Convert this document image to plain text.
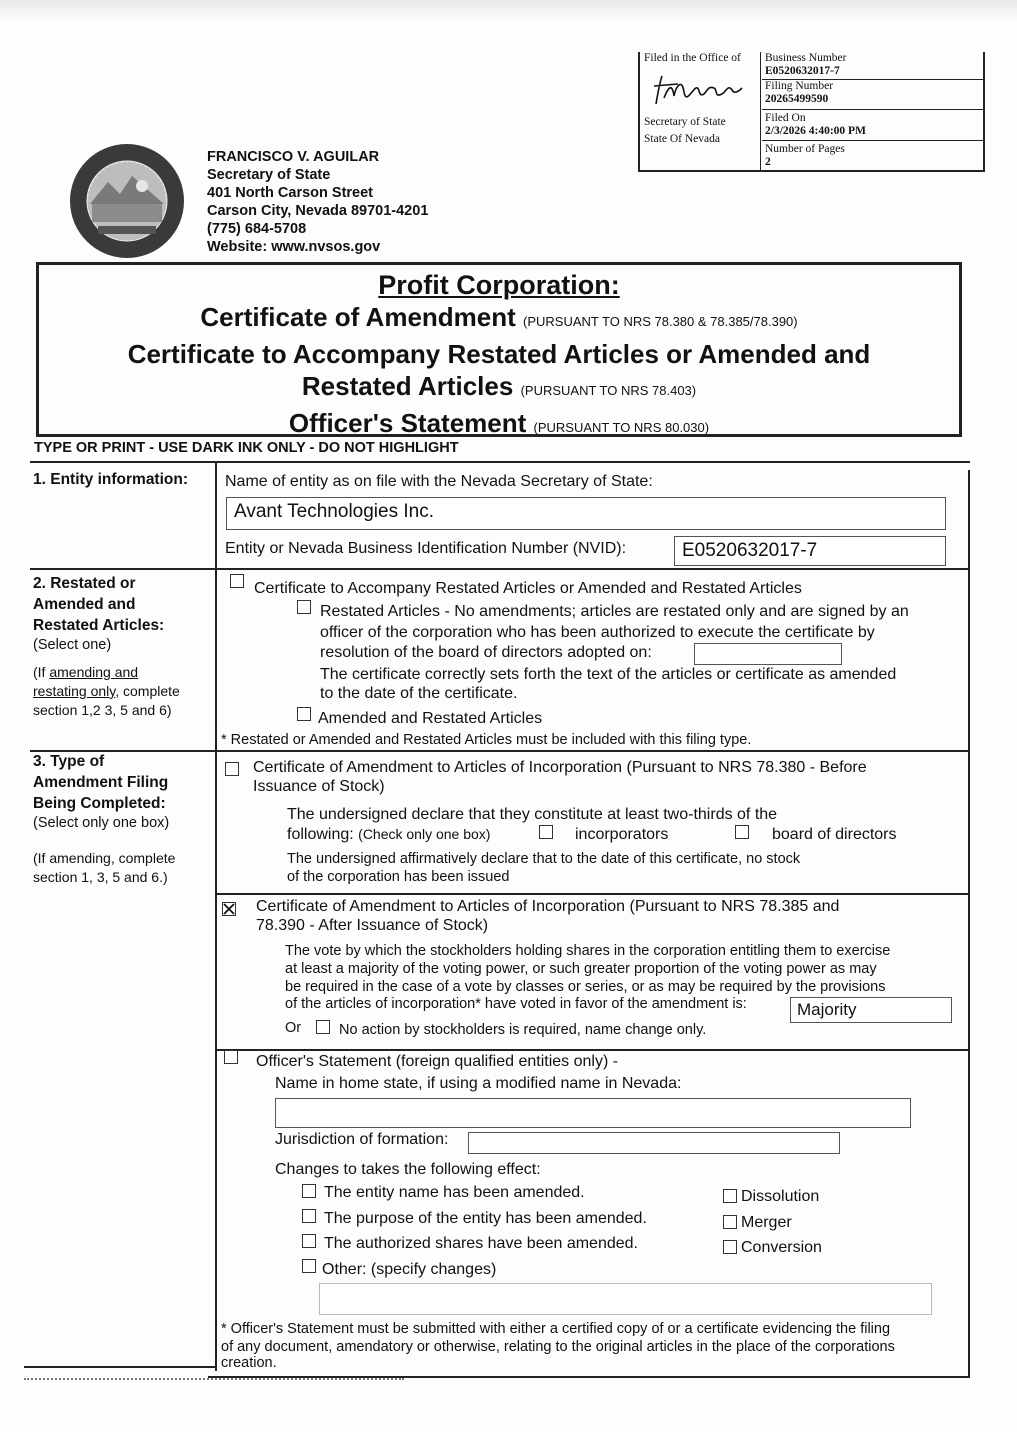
Filed in the Office of
Secretary of State
State Of Nevada
Business Number
E0520632017-7
Filing Number
20265499590
Filed On
2/3/2026 4:40:00 PM
Number of Pages
2
FRANCISCO V. AGUILAR
Secretary of State
401 North Carson Street
Carson City, Nevada 89701-4201
(775) 684-5708
Website: www.nvsos.gov
Profit Corporation:
Certificate of Amendment (PURSUANT TO NRS 78.380 & 78.385/78.390)
Certificate to Accompany Restated Articles or Amended and
Restated Articles (PURSUANT TO NRS 78.403)
Officer's Statement (PURSUANT TO NRS 80.030)
TYPE OR PRINT - USE DARK INK ONLY - DO NOT HIGHLIGHT
1. Entity information: Name of entity as on file with the Nevada Secretary of State:
Avant Technologies Inc.
Entity or Nevada Business Identification Number (NVID):	E0520632017-7
2. Restated or
Amended and
Restated Articles:
(Select one)
(If amending and
restating only, complete
section 1,2 3, 5 and 6)
Certificate to Accompany Restated Articles or Amended and Restated Articles
Restated Articles - No amendments; articles are restated only and are signed by an
officer of the corporation who has been authorized to execute the certificate by
resolution of the board of directors adopted on:
The certificate correctly sets forth the text of the articles or certificate as amended
to the date of the certificate.
Amended and Restated Articles
* Restated or Amended and Restated Articles must be included with this filing type.
3. Type of
Amendment Filing
Being Completed:
(Select only one box)
(If amending, complete
section 1, 3, 5 and 6.)
Certificate of Amendment to Articles of Incorporation (Pursuant to NRS 78.380 - Before
Issuance of Stock)
The undersigned declare that they constitute at least two-thirds of the
following: (Check only one box)	incorporators	board of directors
The undersigned affirmatively declare that to the date of this certificate, no stock
of the corporation has been issued
Certificate of Amendment to Articles of Incorporation (Pursuant to NRS 78.385 and
78.390 - After Issuance of Stock)
The vote by which the stockholders holding shares in the corporation entitling them to exercise
at least a majority of the voting power, or such greater proportion of the voting power as may
be required in the case of a vote by classes or series, or as may be required by the provisions
of the articles of incorporation* have voted in favor of the amendment is:	Majority
Or	No action by stockholders is required, name change only.
Officer's Statement (foreign qualified entities only) -
Name in home state, if using a modified name in Nevada:
Jurisdiction of formation:
Changes to takes the following effect:
The entity name has been amended.
The purpose of the entity has been amended.
The authorized shares have been amended.
Other: (specify changes)
Dissolution
Merger
Conversion
* Officer's Statement must be submitted with either a certified copy of or a certificate evidencing the filing
of any document, amendatory or otherwise, relating to the original articles in the place of the corporations
creation.
